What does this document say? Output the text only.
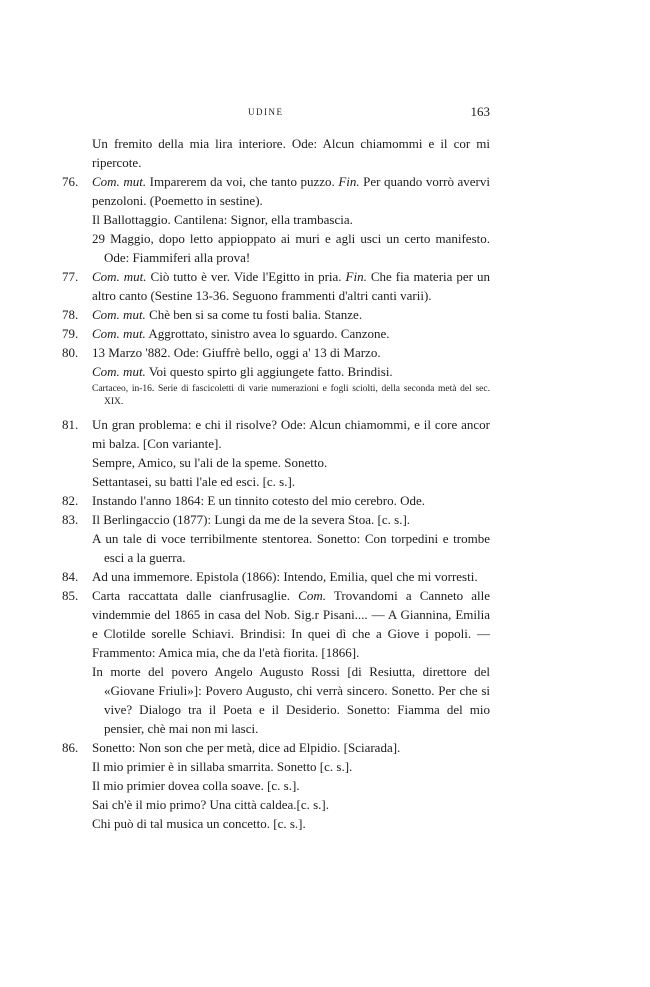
UDINE	163

Un fremito della mia lira interiore. Ode: Alcun chiamommi e il cor mi ripercote.

76. Com. mut. Imparerem da voi, che tanto puzzo. Fin. Per quando vorrò avervi penzoloni. (Poemetto in sestine).

Il Ballottaggio. Cantilena: Signor, ella trambascia.

29 Maggio, dopo letto appioppato ai muri e agli usci un certo manifesto. Ode: Fiammiferi alla prova!

77. Com. mut. Ciò tutto è ver. Vide l'Egitto in pria. Fin. Che fia materia per un altro canto (Sestine 13-36. Seguono frammenti d'altri canti varii).

78. Com. mut. Chè ben si sa come tu fosti balia. Stanze.

79. Com. mut. Aggrottato, sinistro avea lo sguardo. Canzone.

80. 13 Marzo '882. Ode: Giuffrè bello, oggi a' 13 di Marzo.

Com. mut. Voi questo spirto gli aggiungete fatto. Brindisi.

Cartaceo, in-16. Serie di fascicoletti di varie numerazioni e fogli sciolti, della seconda metà del sec. XIX.

81. Un gran problema: e chi il risolve? Ode: Alcun chiamommi, e il core ancor mi balza. [Con variante].

Sempre, Amico, su l'ali de la speme. Sonetto.

Settantasei, su batti l'ale ed esci. [c. s.].

82. Instando l'anno 1864: E un tinnito cotesto del mio cerebro. Ode.

83. Il Berlingaccio (1877): Lungi da me de la severa Stoa. [c. s.].

A un tale di voce terribilmente stentorea. Sonetto: Con torpedini e trombe esci a la guerra.

84. Ad una immemore. Epistola (1866): Intendo, Emilia, quel che mi vorresti.

85. Carta raccattata dalle cianfrusaglie. Com. Trovandomi a Canneto alle vindemmie del 1865 in casa del Nob. Sig.r Pisani.... — A Giannina, Emilia e Clotilde sorelle Schiavi. Brindisi: In quei dì che a Giove i popoli. — Frammento: Amica mia, che da l'età fiorita. [1866].

In morte del povero Angelo Augusto Rossi [di Resiutta, direttore del «Giovane Friuli»]: Povero Augusto, chi verrà sincero. Sonetto. Per che si vive? Dialogo tra il Poeta e il Desiderio. Sonetto: Fiamma del mio pensier, chè mai non mi lasci.

86. Sonetto: Non son che per metà, dice ad Elpidio. [Sciarada].

Il mio primier è in sillaba smarrita. Sonetto [c. s.].

Il mio primier dovea colla soave. [c. s.].

Sai ch'è il mio primo? Una città caldea.[c. s.].

Chi può di tal musica un concetto. [c. s.].
